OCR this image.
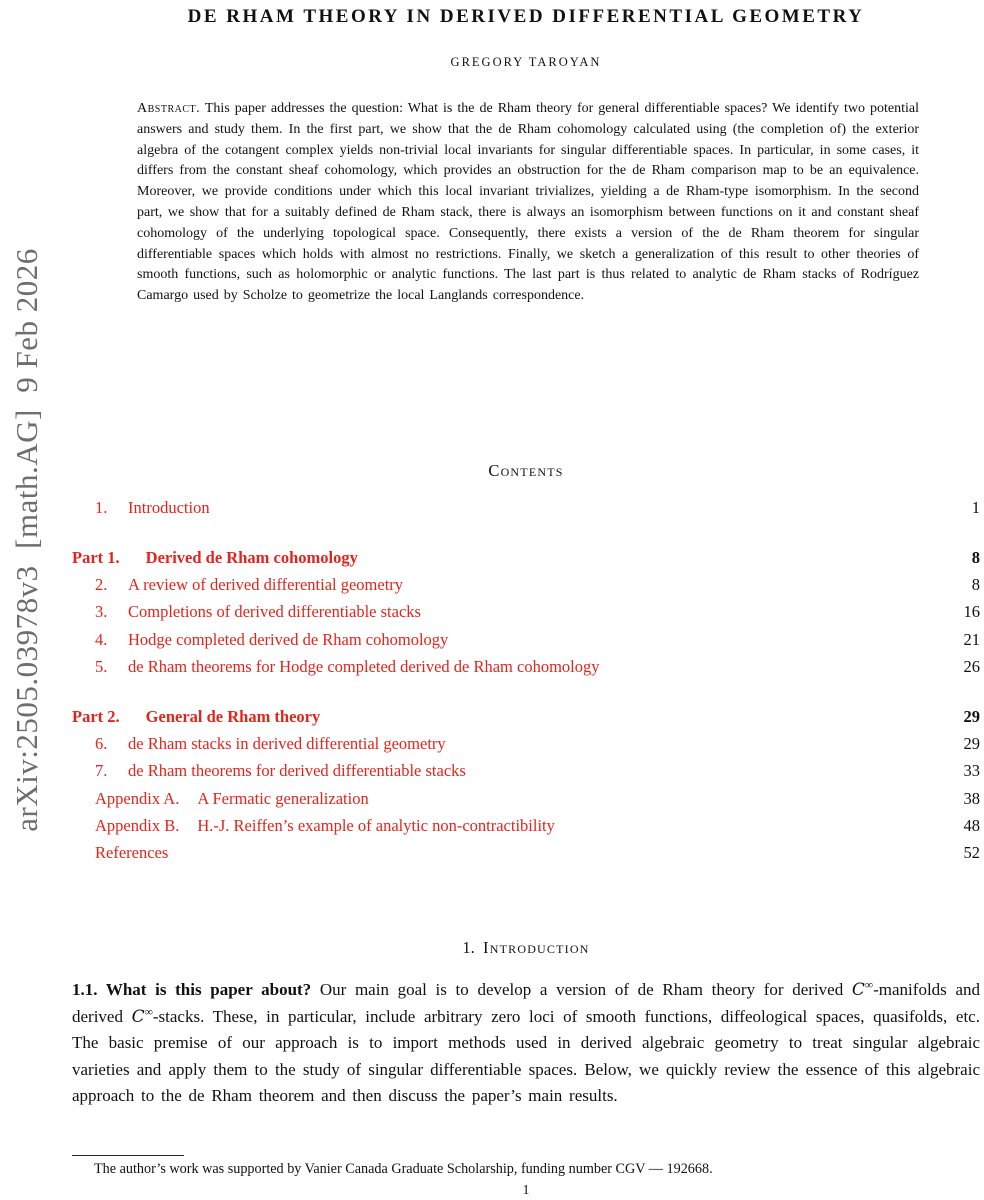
arXiv:2505.03978v3  [math.AG]  9 Feb 2026
DE RHAM THEORY IN DERIVED DIFFERENTIAL GEOMETRY
GREGORY TAROYAN
Abstract. This paper addresses the question: What is the de Rham theory for general differentiable spaces? We identify two potential answers and study them. In the first part, we show that the de Rham cohomology calculated using (the completion of) the exterior algebra of the cotangent complex yields non-trivial local invariants for singular differentiable spaces. In particular, in some cases, it differs from the constant sheaf cohomology, which provides an obstruction for the de Rham comparison map to be an equivalence. Moreover, we provide conditions under which this local invariant trivializes, yielding a de Rham-type isomorphism. In the second part, we show that for a suitably defined de Rham stack, there is always an isomorphism between functions on it and constant sheaf cohomology of the underlying topological space. Consequently, there exists a version of the de Rham theorem for singular differentiable spaces which holds with almost no restrictions. Finally, we sketch a generalization of this result to other theories of smooth functions, such as holomorphic or analytic functions. The last part is thus related to analytic de Rham stacks of Rodríguez Camargo used by Scholze to geometrize the local Langlands correspondence.
Contents
1. Introduction	1
Part 1. Derived de Rham cohomology	8
2. A review of derived differential geometry	8
3. Completions of derived differentiable stacks	16
4. Hodge completed derived de Rham cohomology	21
5. de Rham theorems for Hodge completed derived de Rham cohomology	26
Part 2. General de Rham theory	29
6. de Rham stacks in derived differential geometry	29
7. de Rham theorems for derived differentiable stacks	33
Appendix A. A Fermatic generalization	38
Appendix B. H.-J. Reiffen’s example of analytic non-contractibility	48
References	52
1. Introduction
1.1. What is this paper about? Our main goal is to develop a version of de Rham theory for derived C∞-manifolds and derived C∞-stacks. These, in particular, include arbitrary zero loci of smooth functions, diffeological spaces, quasifolds, etc. The basic premise of our approach is to import methods used in derived algebraic geometry to treat singular algebraic varieties and apply them to the study of singular differentiable spaces. Below, we quickly review the essence of this algebraic approach to the de Rham theorem and then discuss the paper’s main results.
The author’s work was supported by Vanier Canada Graduate Scholarship, funding number CGV — 192668.
1
